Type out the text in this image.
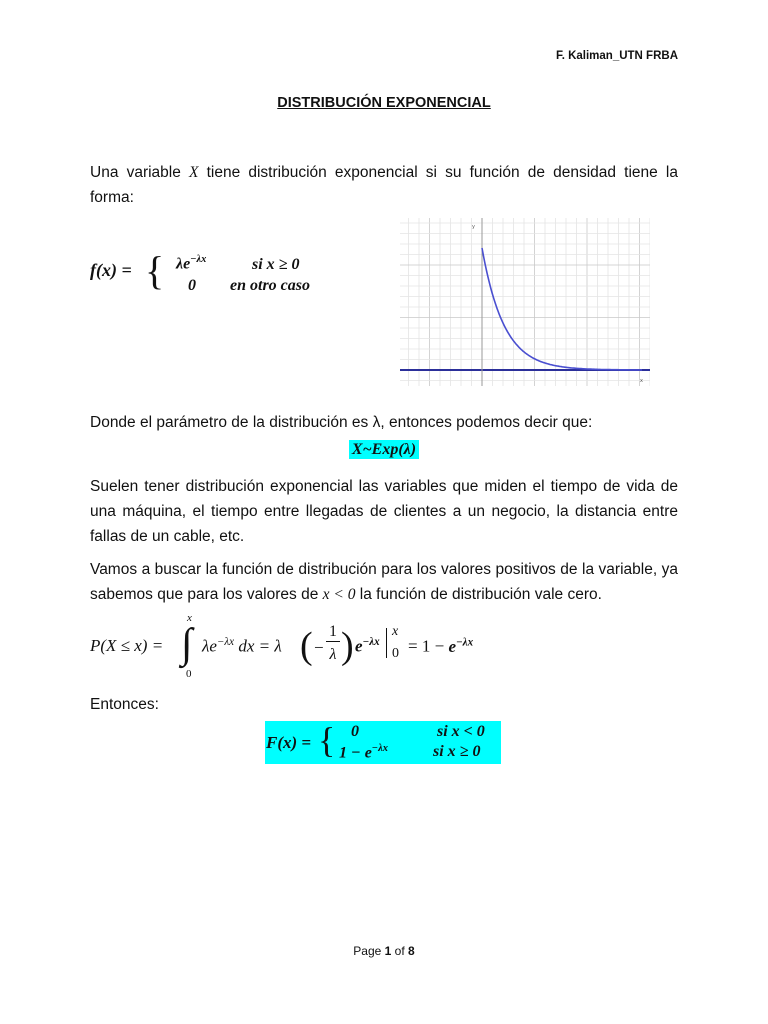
F. Kaliman_UTN FRBA
DISTRIBUCIÓN EXPONENCIAL
Una variable X tiene distribución exponencial si su función de densidad tiene la forma:
f(x) = { $\lambda e^{-\lambda x}$	si x ≥ 0
0 en otro caso
y
x
Donde el parámetro de la distribución es λ, entonces podemos decir que:
X~Exp(λ)
Suelen tener distribución exponencial las variables que miden el tiempo de vida de una máquina, el tiempo entre llegadas de clientes a un negocio, la distancia entre fallas de un cable, etc.
Vamos a buscar la función de distribución para los valores positivos de la variable, ya sabemos que para los valores de x < 0 la función de distribución vale cero.
P(X ≤ x) =
x
∫
0
$\lambda e^{-\lambda x}$ dx = λ ( −
1
λ ) $e^{-\lambda x}$
x
$0 = 1 - e^{-\lambda x}$
Entonces:
F(x) = { 0	si x < 0
$1 - e^{-\lambda x}$	si x ≥ 0
Page 1 of 8
